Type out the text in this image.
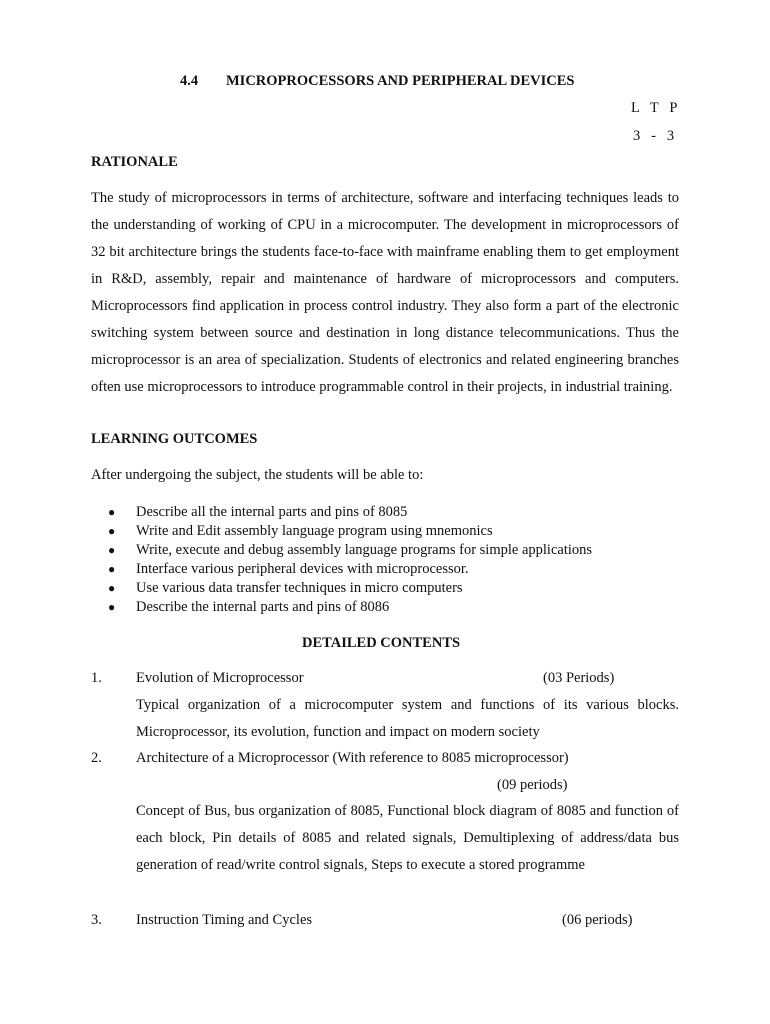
4.4 MICROPROCESSORS AND PERIPHERAL DEVICES
L   T   P
3   -   3
RATIONALE

The study of microprocessors in terms of architecture, software and interfacing techniques leads to the understanding of working of CPU in a microcomputer. The development in microprocessors of 32 bit architecture brings the students face-to-face with mainframe enabling them to get employment in R&D, assembly, repair and maintenance of hardware of microprocessors and computers. Microprocessors find application in process control industry. They also form a part of the electronic switching system between source and destination in long distance telecommunications. Thus the microprocessor is an area of specialization. Students of electronics and related engineering branches often use microprocessors to introduce programmable control in their projects, in industrial training.

LEARNING OUTCOMES
After undergoing the subject, the students will be able to:
●	Describe all the internal parts and pins of 8085
●	Write and Edit assembly language program using mnemonics
●	Write, execute and debug assembly language programs for simple applications
●	Interface various peripheral devices with microprocessor.
●	Use various data transfer techniques in micro computers
●	Describe the internal parts and pins of 8086
DETAILED CONTENTS
1. Evolution of Microprocessor	(03 Periods)

Typical organization of a microcomputer system and functions of its various blocks. Microprocessor, its evolution, function and impact on modern society

2. Architecture of a Microprocessor (With reference to 8085 microprocessor)
(09 periods)

Concept of Bus, bus organization of 8085, Functional block diagram of 8085 and function of each block, Pin details of 8085 and related signals, Demultiplexing of address/data bus generation of read/write control signals, Steps to execute a stored programme

3. Instruction Timing and Cycles	(06 periods)
